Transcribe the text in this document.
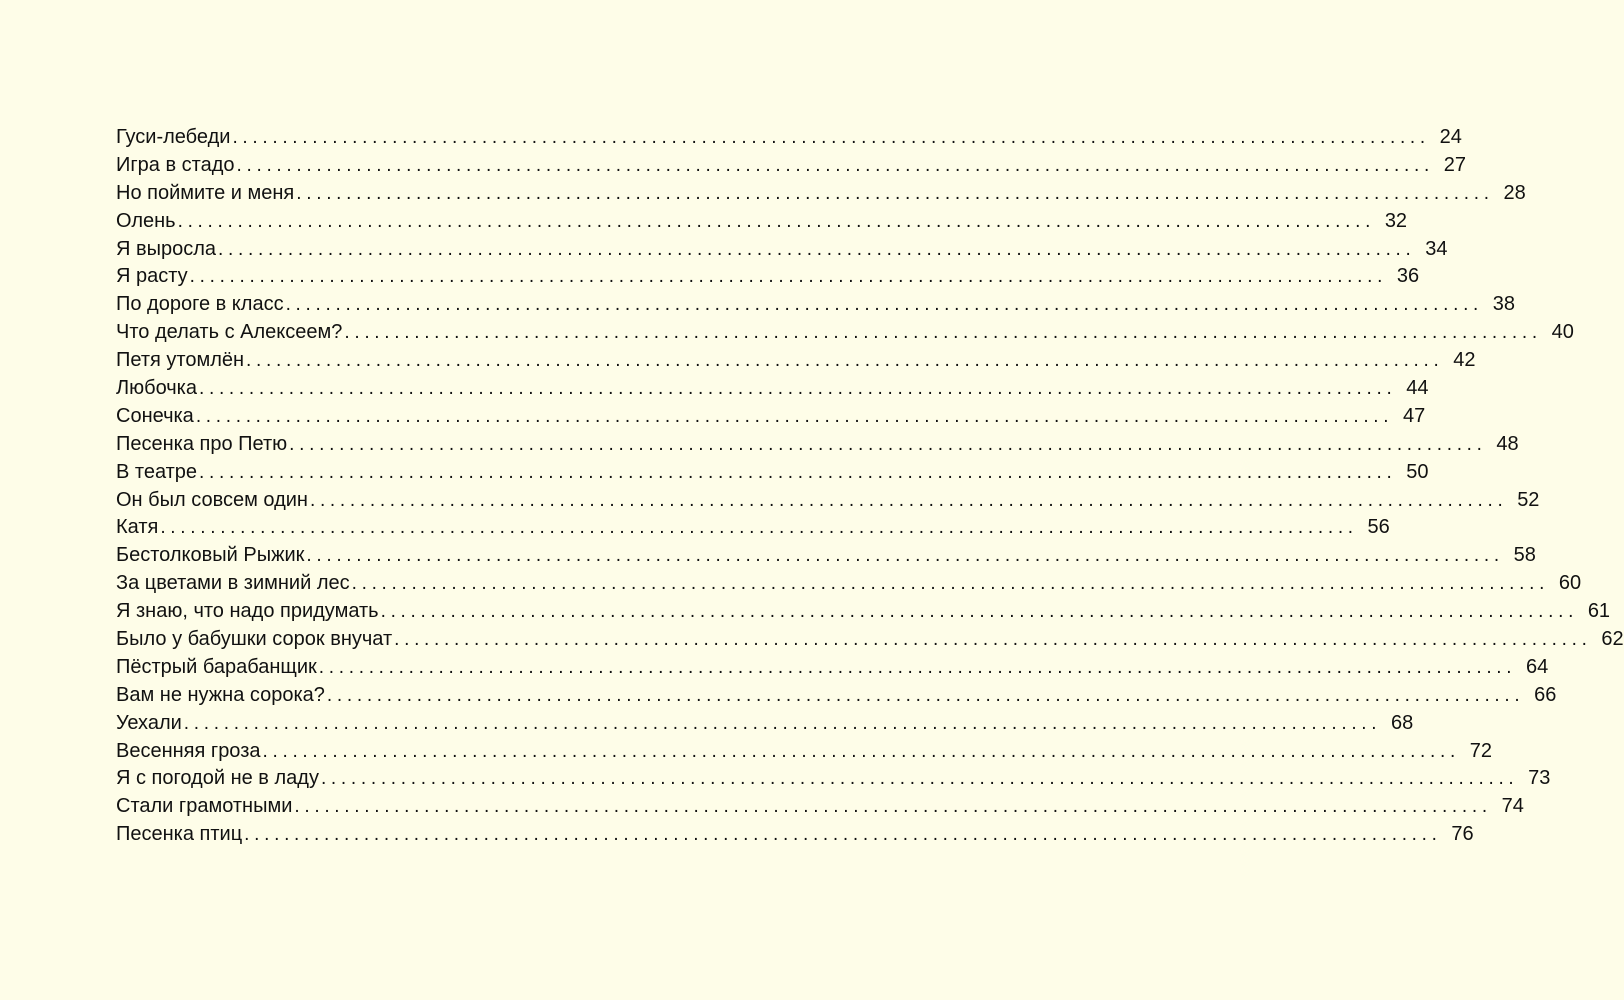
Гуси-лебеди ........................................................................................................................ 24
Игра в стадо ........................................................................................................................ 27
Но поймите и меня ........................................................................................................................ 28
Олень ........................................................................................................................ 32
Я выросла ........................................................................................................................ 34
Я расту ........................................................................................................................ 36
По дороге в класс ........................................................................................................................ 38
Что делать с Алексеем? ........................................................................................................................ 40
Петя утомлён ........................................................................................................................ 42
Любочка ........................................................................................................................ 44
Сонечка ........................................................................................................................ 47
Песенка про Петю ........................................................................................................................ 48
В театре ........................................................................................................................ 50
Он был совсем один ........................................................................................................................ 52
Катя ........................................................................................................................ 56
Бестолковый Рыжик ........................................................................................................................ 58
За цветами в зимний лес ........................................................................................................................ 60
Я знаю, что надо придумать ........................................................................................................................ 61
Было у бабушки сорок внучат ........................................................................................................................ 62
Пёстрый барабанщик ........................................................................................................................ 64
Вам не нужна сорока? ........................................................................................................................ 66
Уехали ........................................................................................................................ 68
Весенняя гроза ........................................................................................................................ 72
Я с погодой не в ладу ........................................................................................................................ 73
Стали грамотными ........................................................................................................................ 74
Песенка птиц ........................................................................................................................ 76
